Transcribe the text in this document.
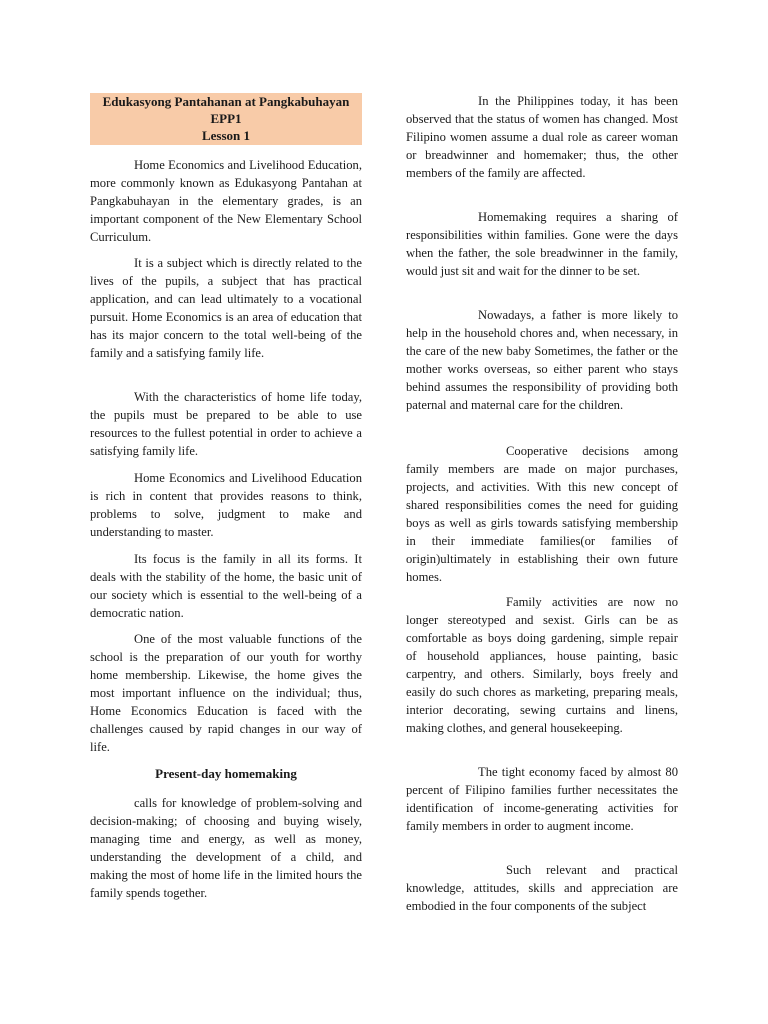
Edukasyong Pantahanan at Pangkabuhayan
EPP1
Lesson 1

Home Economics and Livelihood Education, more commonly known as Edukasyong Pantahan at Pangkabuhayan in the elementary grades, is an important component of the New Elementary School Curriculum.

It is a subject which is directly related to the lives of the pupils, a subject that has practical application, and can lead ultimately to a vocational pursuit. Home Economics is an area of education that has its major concern to the total well-being of the family and a satisfying family life.

With the characteristics of home life today, the pupils must be prepared to be able to use resources to the fullest potential in order to achieve a satisfying family life.

Home Economics and Livelihood Education is rich in content that provides reasons to think, problems to solve, judgment to make and understanding to master.

Its focus is the family in all its forms. It deals with the stability of the home, the basic unit of our society which is essential to the well-being of a democratic nation.

One of the most valuable functions of the school is the preparation of our youth for worthy home membership. Likewise, the home gives the most important influence on the individual; thus, Home Economics Education is faced with the challenges caused by rapid changes in our way of life.

Present-day homemaking

calls for knowledge of problem-solving and decision-making; of choosing and buying wisely, managing time and energy, as well as money, understanding the development of a child, and making the most of home life in the limited hours the family spends together.

In the Philippines today, it has been observed that the status of women has changed. Most Filipino women assume a dual role as career woman or breadwinner and homemaker; thus, the other members of the family are affected.

Homemaking requires a sharing of responsibilities within families. Gone were the days when the father, the sole breadwinner in the family, would just sit and wait for the dinner to be set.

Nowadays, a father is more likely to help in the household chores and, when necessary, in the care of the new baby Sometimes, the father or the mother works overseas, so either parent who stays behind assumes the responsibility of providing both paternal and maternal care for the children.

Cooperative decisions among family members are made on major purchases, projects, and activities. With this new concept of shared responsibilities comes the need for guiding boys as well as girls towards satisfying membership in their immediate families(or families of origin)ultimately in establishing their own future homes.

Family activities are now no longer stereotyped and sexist. Girls can be as comfortable as boys doing gardening, simple repair of household appliances, house painting, basic carpentry, and others. Similarly, boys freely and easily do such chores as marketing, preparing meals, interior decorating, sewing curtains and linens, making clothes, and general housekeeping.

The tight economy faced by almost 80 percent of Filipino families further necessitates the identification of income-generating activities for family members in order to augment income.

Such relevant and practical knowledge, attitudes, skills and appreciation are embodied in the four components of the subject
